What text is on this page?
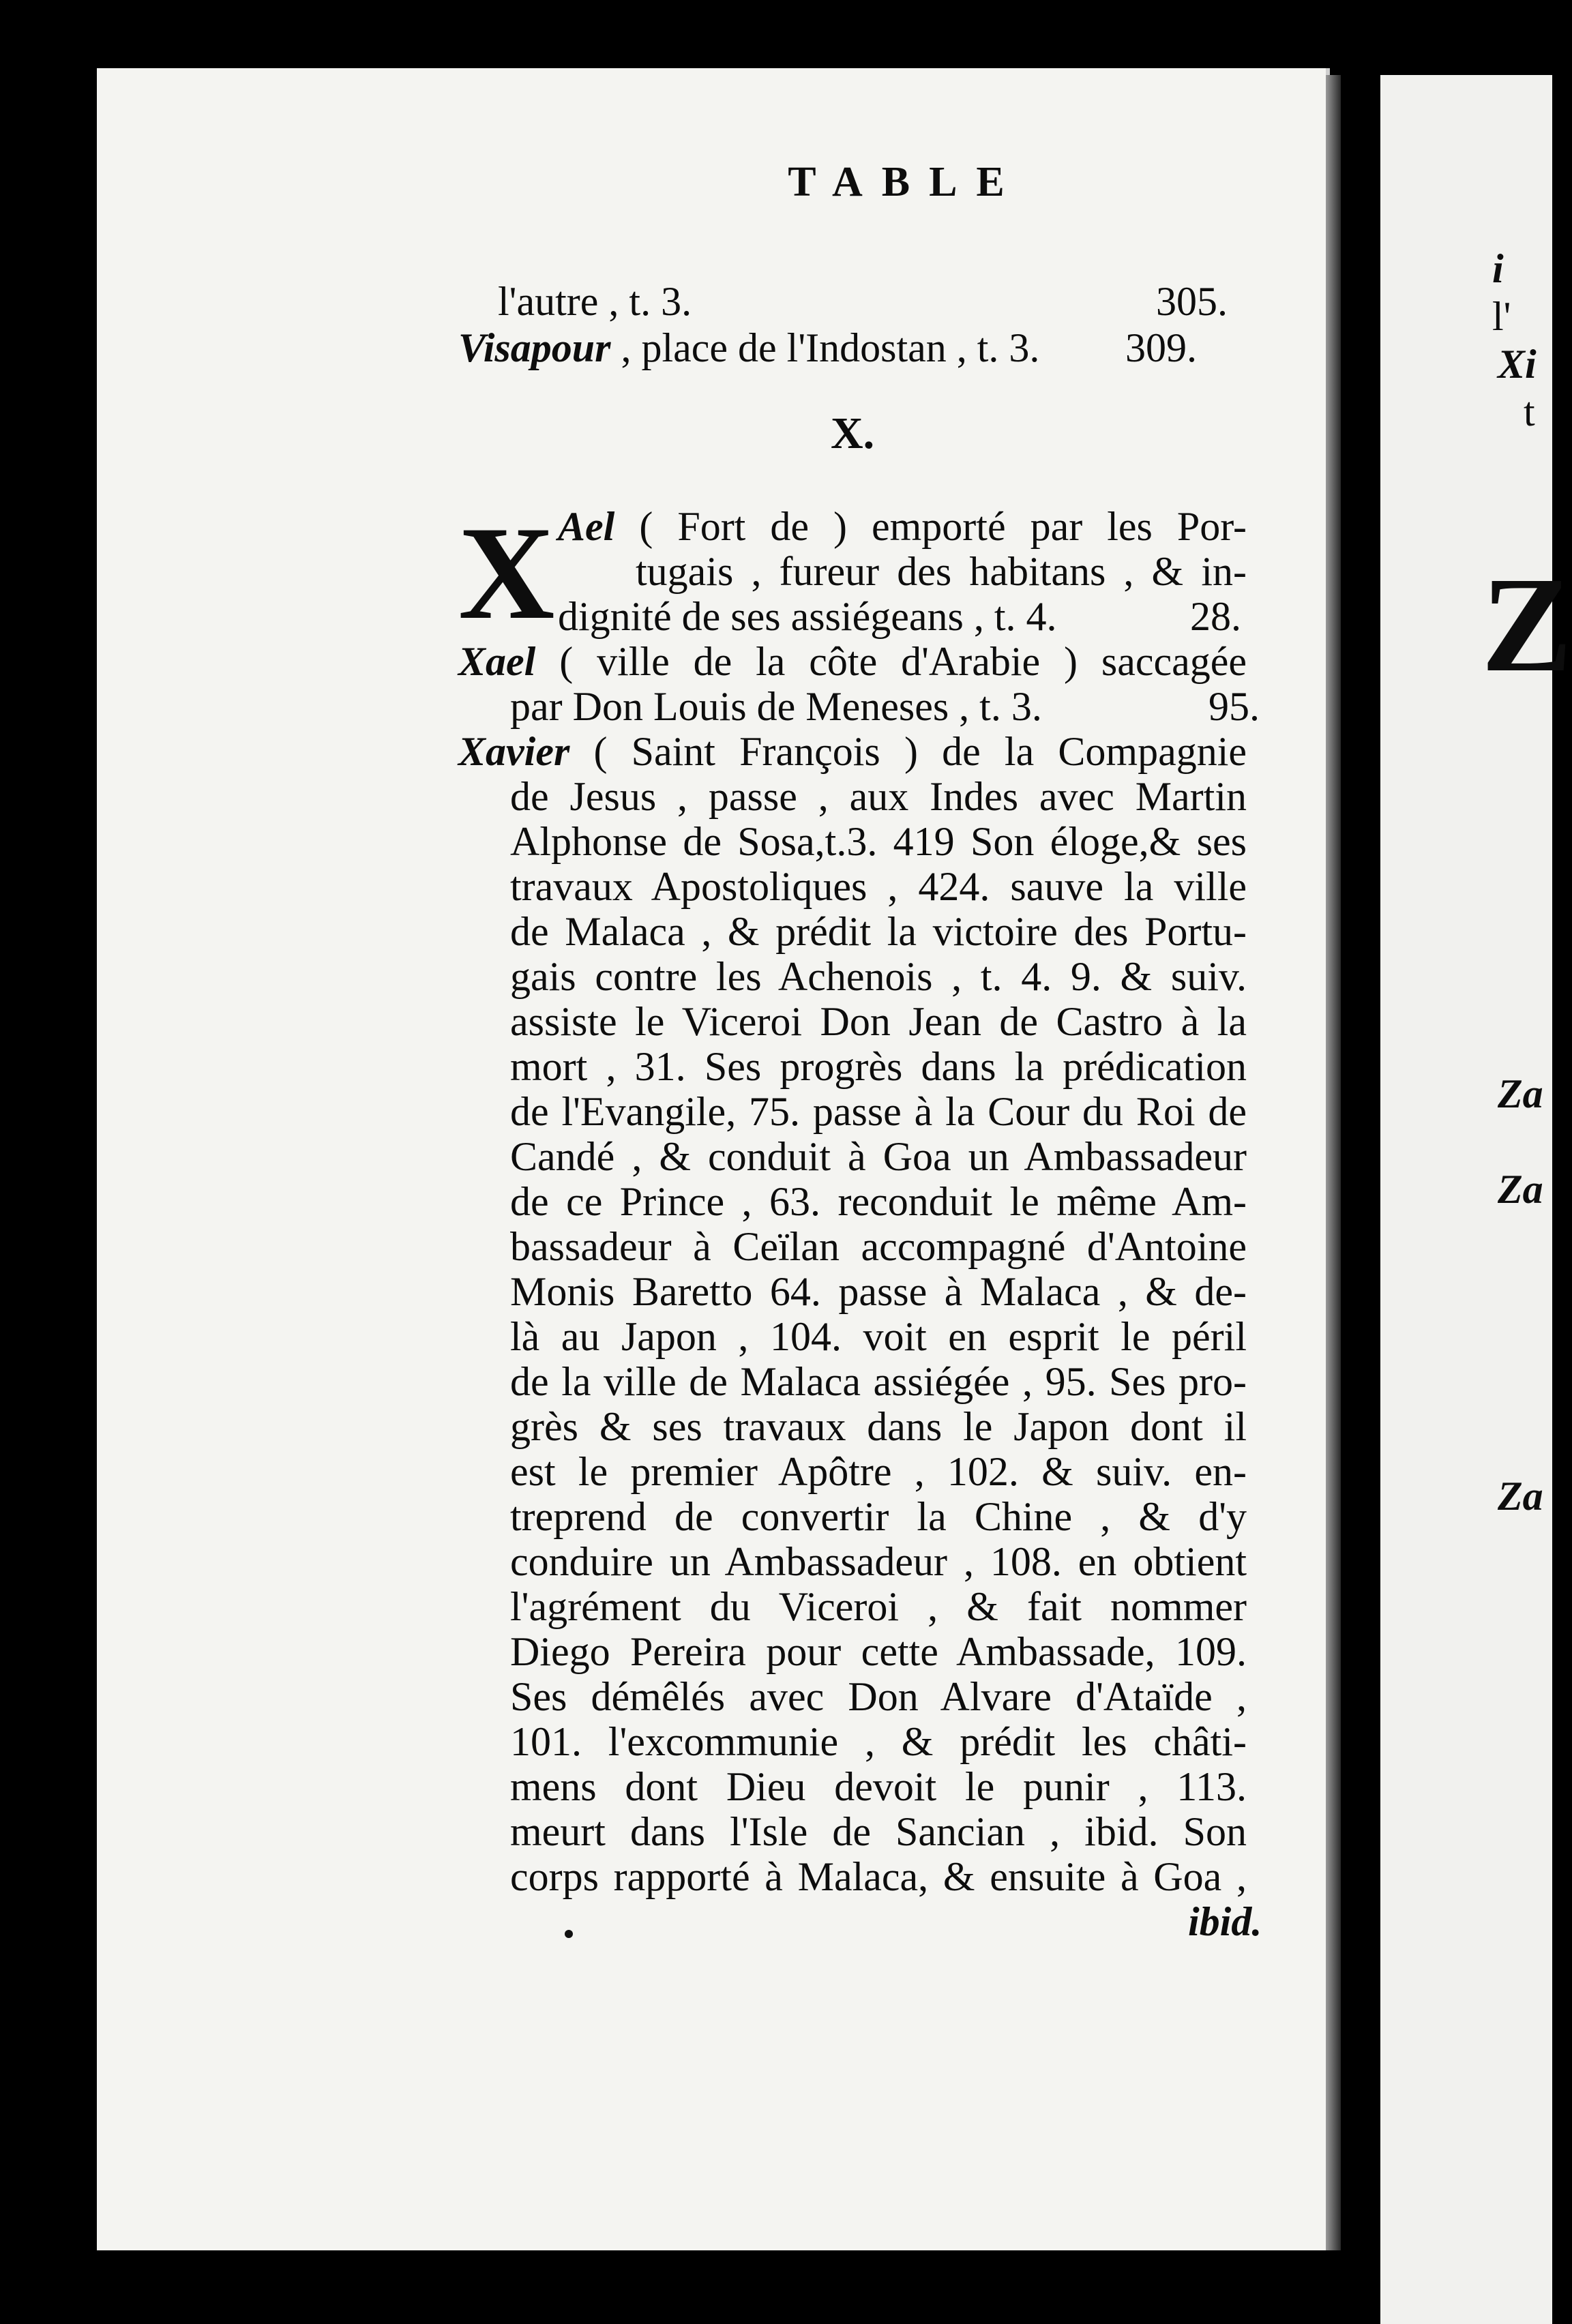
TABLE
l'autre , t. 3.	305.
Visapour , place de l'Indostan , t. 3. 309.
X.
X Ael ( Fort de ) emporté par les Por-
tugais , fureur des habitans , & in-
dignité de ses assiégeans , t. 4.	28.
Xael ( ville de la côte d'Arabie ) saccagée
par Don Louis de Meneses , t. 3.	95.
Xavier ( Saint François ) de la Compagnie
de Jesus , passe , aux Indes avec Martin
Alphonse de Sosa,t.3. 419 Son éloge,& ses
travaux Apostoliques , 424. sauve la ville
de Malaca , & prédit la victoire des Portu-
gais contre les Achenois , t. 4. 9. & suiv.
assiste le Viceroi Don Jean de Castro à la
mort , 31. Ses progrès dans la prédication
de l'Evangile, 75. passe à la Cour du Roi de
Candé , & conduit à Goa un Ambassadeur
de ce Prince , 63. reconduit le même Am-
bassadeur à Ceïlan accompagné d'Antoine
Monis Baretto 64. passe à Malaca , & de-
là au Japon , 104. voit en esprit le péril
de la ville de Malaca assiégée , 95. Ses pro-
grès & ses travaux dans le Japon dont il
est le premier Apôtre , 102. & suiv. en-
treprend de convertir la Chine , & d'y
conduire un Ambassadeur , 108. en obtient
l'agrément du Viceroi , & fait nommer
Diego Pereira pour cette Ambassade, 109.
Ses démêlés avec Don Alvare d'Ataïde ,
101. l'excommunie , & prédit les châti-
mens dont Dieu devoit le punir , 113.
meurt dans l'Isle de Sancian , ibid. Son
corps rapporté à Malaca, & ensuite à Goa ,
ibid.
i
l'
Xi
t
Z
Za
Za
Za
